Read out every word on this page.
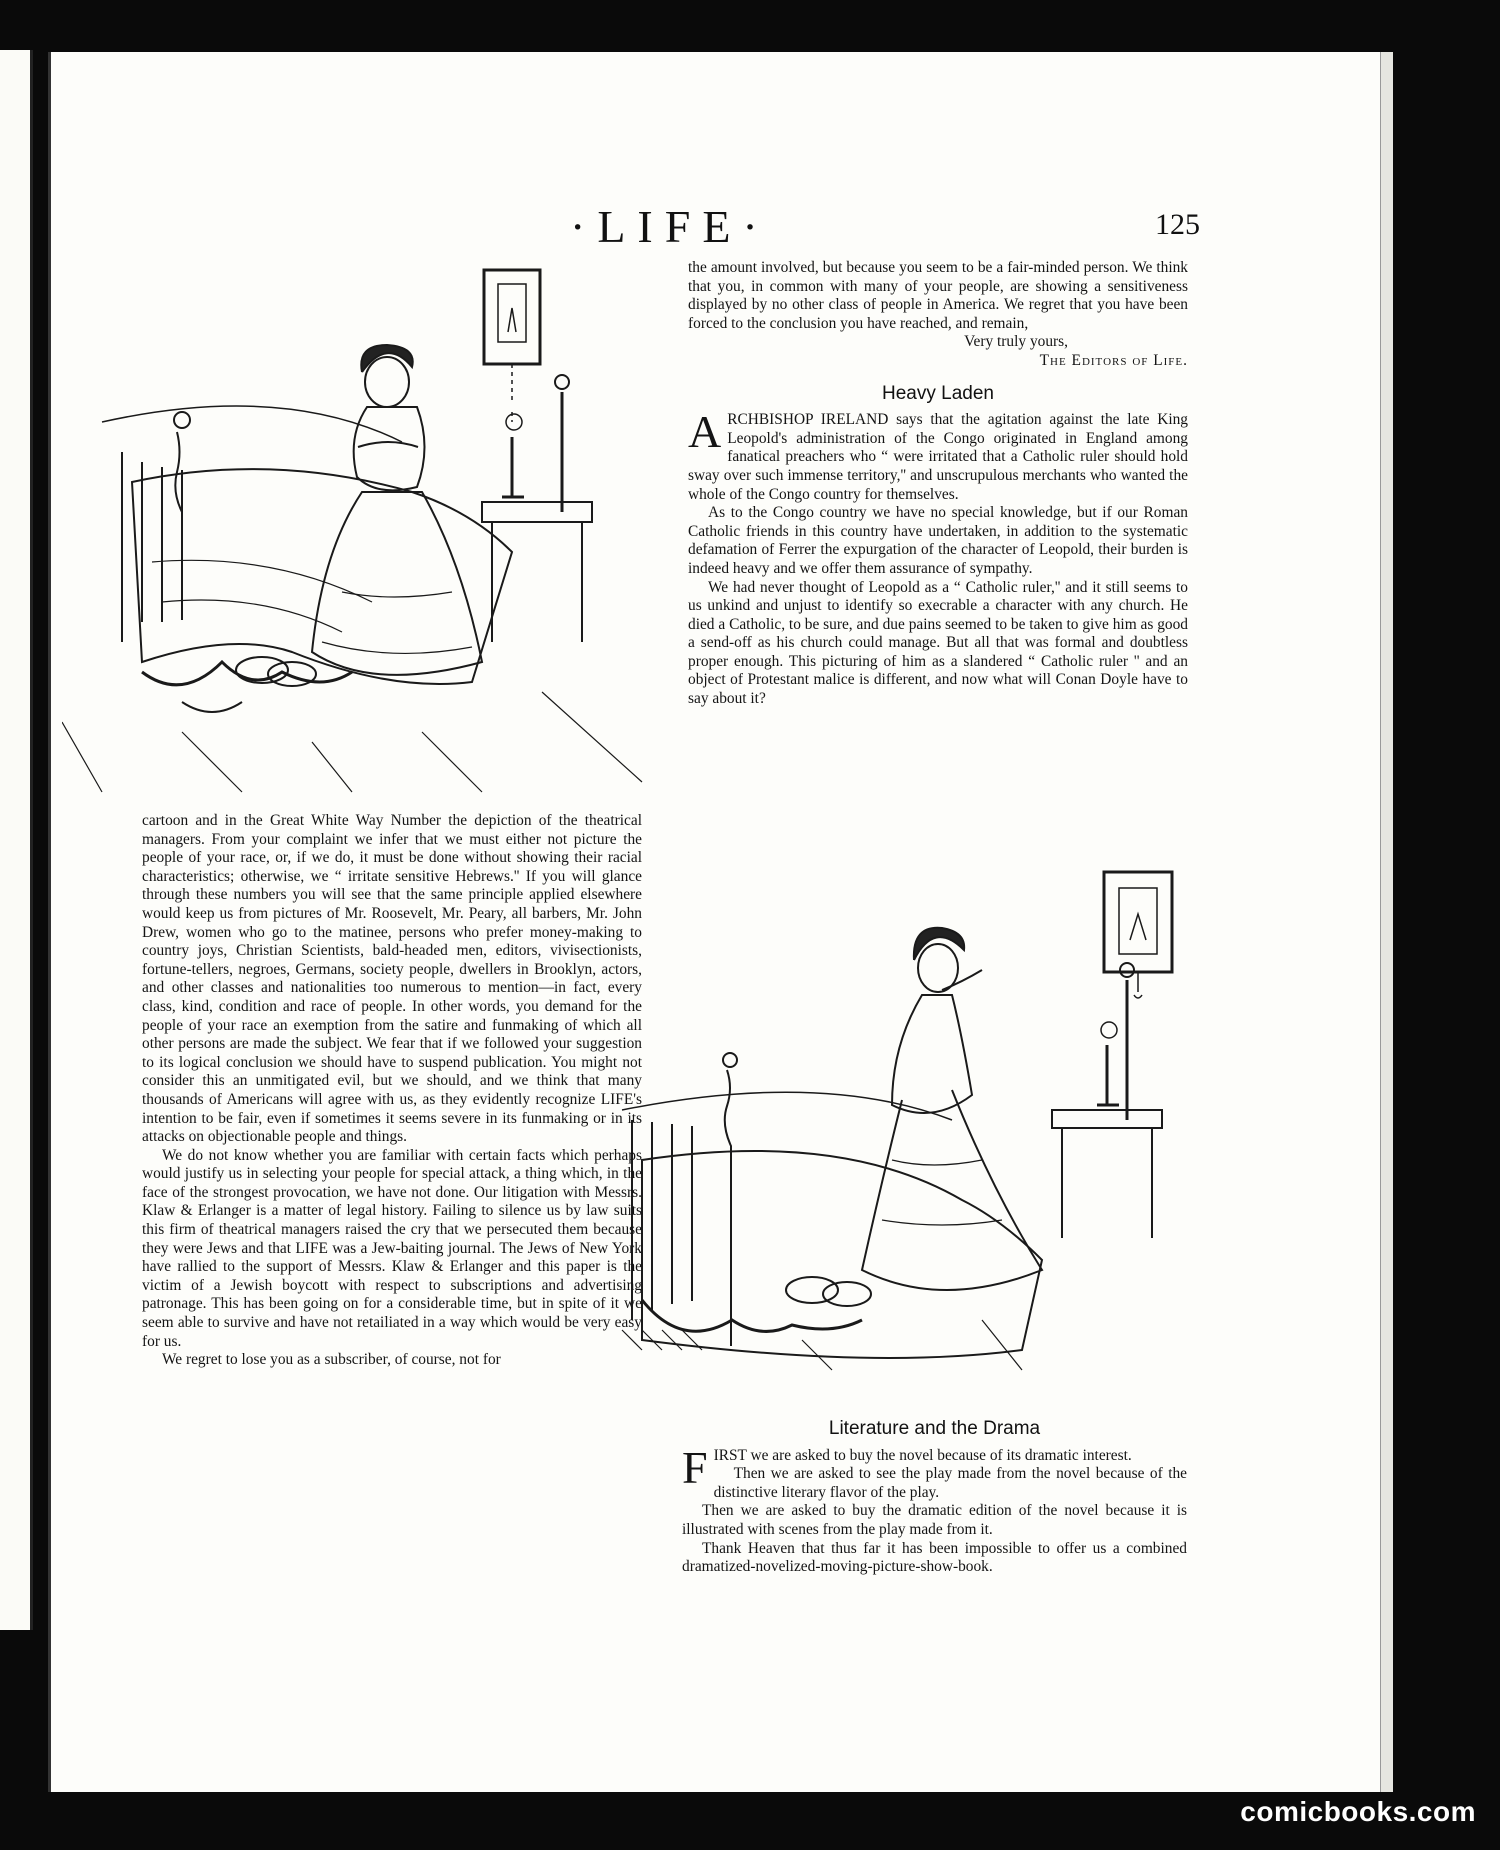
·LIFE·	125

the amount involved, but because you seem to be a fair-minded person. We think that you, in common with many of your people, are showing a sensitiveness displayed by no other class of people in America. We regret that you have been forced to the conclusion you have reached, and remain,

Very truly yours,

The Editors of Life.

Heavy Laden

ARCHBISHOP IRELAND says that the agitation against the late King Leopold's administration of the Congo originated in England among fanatical preachers who “ were irritated that a Catholic ruler should hold sway over such immense territory,'' and unscrupulous merchants who wanted the whole of the Congo country for themselves.

As to the Congo country we have no special knowledge, but if our Roman Catholic friends in this country have undertaken, in addition to the systematic defamation of Ferrer the expurgation of the character of Leopold, their burden is indeed heavy and we offer them assurance of sympathy.

We had never thought of Leopold as a “ Catholic ruler,'' and it still seems to us unkind and unjust to identify so execrable a character with any church. He died a Catholic, to be sure, and due pains seemed to be taken to give him as good a send-off as his church could manage. But all that was formal and doubtless proper enough. This picturing of him as a slandered “ Catholic ruler '' and an object of Protestant malice is different, and now what will Conan Doyle have to say about it?

cartoon and in the Great White Way Number the depiction of the theatrical managers. From your complaint we infer that we must either not picture the people of your race, or, if we do, it must be done without showing their racial characteristics; otherwise, we “ irritate sensitive Hebrews.'' If you will glance through these numbers you will see that the same principle applied elsewhere would keep us from pictures of Mr. Roosevelt, Mr. Peary, all barbers, Mr. John Drew, women who go to the matinee, persons who prefer money-making to country joys, Christian Scientists, bald-headed men, editors, vivisectionists, fortune-tellers, negroes, Germans, society people, dwellers in Brooklyn, actors, and other classes and nationalities too numerous to mention—in fact, every class, kind, condition and race of people. In other words, you demand for the people of your race an exemption from the satire and funmaking of which all other persons are made the subject. We fear that if we followed your suggestion to its logical conclusion we should have to suspend publication. You might not consider this an unmitigated evil, but we should, and we think that many thousands of Americans will agree with us, as they evidently recognize LIFE's intention to be fair, even if sometimes it seems severe in its funmaking or in its attacks on objectionable people and things.

We do not know whether you are familiar with certain facts which perhaps would justify us in selecting your people for special attack, a thing which, in the face of the strongest provocation, we have not done. Our litigation with Messrs. Klaw & Erlanger is a matter of legal history. Failing to silence us by law suits this firm of theatrical managers raised the cry that we persecuted them because they were Jews and that LIFE was a Jew-baiting journal. The Jews of New York have rallied to the support of Messrs. Klaw & Erlanger and this paper is the victim of a Jewish boycott with respect to subscriptions and advertising patronage. This has been going on for a considerable time, but in spite of it we seem able to survive and have not retailiated in a way which would be very easy for us.

We regret to lose you as a subscriber, of course, not for

Literature and the Drama

FIRST we are asked to buy the novel because of its dramatic interest.

Then we are asked to see the play made from the novel because of the distinctive literary flavor of the play.

Then we are asked to buy the dramatic edition of the novel because it is illustrated with scenes from the play made from it.

Thank Heaven that thus far it has been impossible to offer us a combined dramatized-novelized-moving-picture-show-book.

comicbooks.com
